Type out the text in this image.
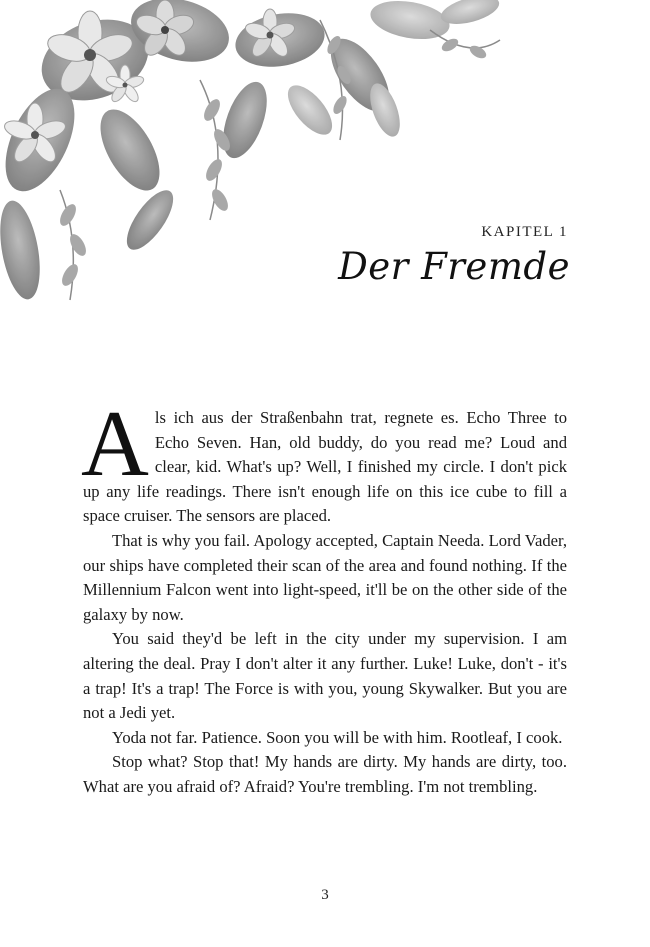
KAPITEL 1
Der Fremde

Als ich aus der Straßenbahn trat, regnete es. Echo Three to Echo Seven. Han, old buddy, do you read me? Loud and clear, kid. What's up? Well, I finished my circle. I don't pick up any life readings. There isn't enough life on this ice cube to fill a space cruiser. The sensors are placed.

That is why you fail. Apology accepted, Captain Needa. Lord Vader, our ships have completed their scan of the area and found nothing. If the Millennium Falcon went into light-speed, it'll be on the other side of the galaxy by now.

You said they'd be left in the city under my supervision. I am altering the deal. Pray I don't alter it any further. Luke! Luke, don't - it's a trap! It's a trap! The Force is with you, young Skywalker. But you are not a Jedi yet.

Yoda not far. Patience. Soon you will be with him. Rootleaf, I cook.

Stop what? Stop that! My hands are dirty. My hands are dirty, too. What are you afraid of? Afraid? You're trembling. I'm not trembling.

3
